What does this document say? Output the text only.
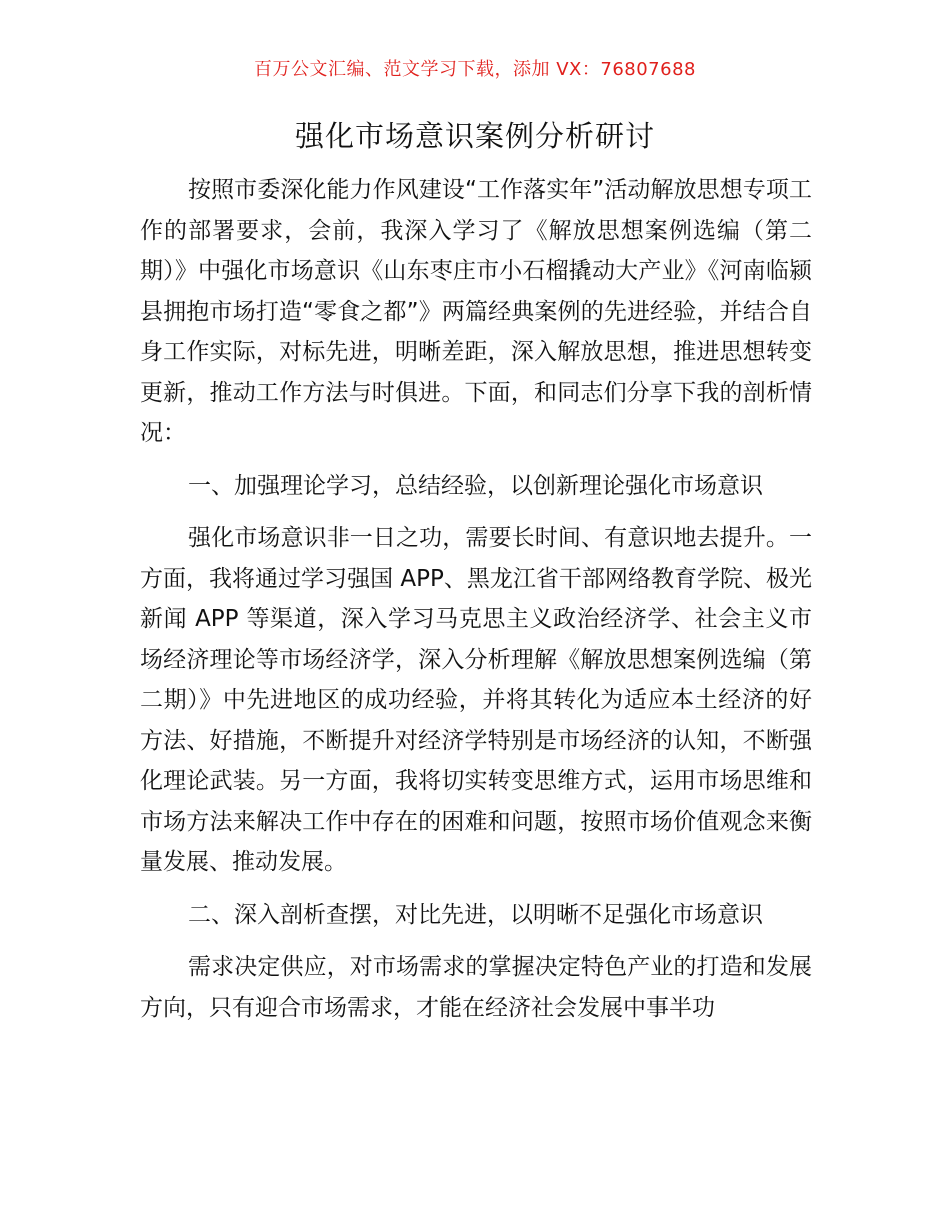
百万公文汇编、范文学习下载，添加 VX：76807688
强化市场意识案例分析研讨

按照市委深化能力作风建设“工作落实年”活动解放思想专项工作的部署要求，会前，我深入学习了《解放思想案例选编（第二期）》中强化市场意识《山东枣庄市小石榴撬动大产业》《河南临颍县拥抱市场打造“零食之都”》两篇经典案例的先进经验，并结合自身工作实际，对标先进，明晰差距，深入解放思想，推进思想转变更新，推动工作方法与时俱进。下面，和同志们分享下我的剖析情况：

一、加强理论学习，总结经验，以创新理论强化市场意识

强化市场意识非一日之功，需要长时间、有意识地去提升。一方面，我将通过学习强国 APP、黑龙江省干部网络教育学院、极光新闻 APP 等渠道，深入学习马克思主义政治经济学、社会主义市场经济理论等市场经济学，深入分析理解《解放思想案例选编（第二期）》中先进地区的成功经验，并将其转化为适应本土经济的好方法、好措施，不断提升对经济学特别是市场经济的认知，不断强化理论武装。另一方面，我将切实转变思维方式，运用市场思维和市场方法来解决工作中存在的困难和问题，按照市场价值观念来衡量发展、推动发展。

二、深入剖析查摆，对比先进，以明晰不足强化市场意识

需求决定供应，对市场需求的掌握决定特色产业的打造和发展方向，只有迎合市场需求，才能在经济社会发展中事半功
